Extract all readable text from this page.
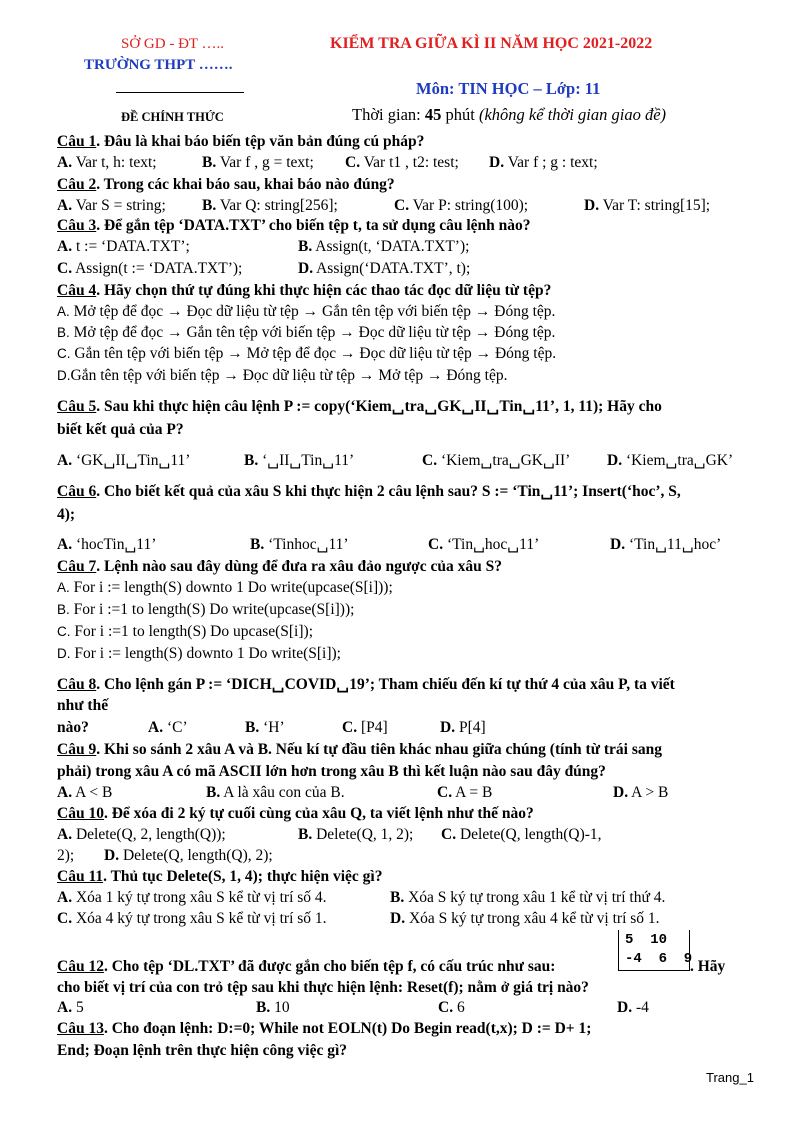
SỞ GD - ĐT …..
TRƯỜNG THPT …….
KIỂM TRA GIỮA KÌ II NĂM HỌC 2021-2022
Môn: TIN HỌC – Lớp: 11
ĐỀ CHÍNH THỨC	Thời gian: 45 phút (không kể thời gian giao đề)
Câu 1. Đâu là khai báo biến tệp văn bản đúng cú pháp?
A. Var t, h: text;	B. Var f , g = text; C. Var t1 , t2: test; D. Var f ; g : text;
Câu 2. Trong các khai báo sau, khai báo nào đúng?
A. Var S = string; B. Var Q: string[256];	C. Var P: string(100);	D. Var T: string[15];
Câu 3. Để gắn tệp ‘DATA.TXT’ cho biến tệp t, ta sử dụng câu lệnh nào?
A. t := ‘DATA.TXT’;	B. Assign(t, ‘DATA.TXT’);
C. Assign(t := ‘DATA.TXT’);	D. Assign(‘DATA.TXT’, t);
Câu 4. Hãy chọn thứ tự đúng khi thực hiện các thao tác đọc dữ liệu từ tệp?
A. Mở tệp để đọc → Đọc dữ liệu từ tệp → Gắn tên tệp với biến tệp → Đóng tệp.
B. Mở tệp để đọc → Gắn tên tệp với biến tệp → Đọc dữ liệu từ tệp → Đóng tệp.
C. Gắn tên tệp với biến tệp → Mở tệp để đọc → Đọc dữ liệu từ tệp → Đóng tệp.
D.Gắn tên tệp với biến tệp → Đọc dữ liệu từ tệp → Mở tệp → Đóng tệp.
Câu 5. Sau khi thực hiện câu lệnh P := copy(‘Kiem␣tra␣GK␣II␣Tin␣11’, 1, 11); Hãy cho
biết kết quả của P?
A. ‘GK␣II␣Tin␣11’	B. ‘␣II␣Tin␣11’	C. ‘Kiem␣tra␣GK␣II’ D. ‘Kiem␣tra␣GK’
Câu 6. Cho biết kết quả của xâu S khi thực hiện 2 câu lệnh sau? S := ‘Tin␣11’; Insert(‘hoc’, S,
4);
A. ‘hocTin␣11’	B. ‘Tinhoc␣11’	C. ‘Tin␣hoc␣11’	D. ‘Tin␣11␣hoc’
Câu 7. Lệnh nào sau đây dùng để đưa ra xâu đảo ngược của xâu S?
A. For i := length(S) downto 1 Do write(upcase(S[i]));
B. For i :=1 to length(S) Do write(upcase(S[i]));
C. For i :=1 to length(S) Do upcase(S[i]);
D. For i := length(S) downto 1 Do write(S[i]);
Câu 8. Cho lệnh gán P := ‘DICH␣COVID␣19’; Tham chiếu đến kí tự thứ 4 của xâu P, ta viết
như thế
nào?	A. ‘C’	B. ‘H’	C. [P4]	D. P[4]
Câu 9. Khi so sánh 2 xâu A và B. Nếu kí tự đầu tiên khác nhau giữa chúng (tính từ trái sang
phải) trong xâu A có mã ASCII lớn hơn trong xâu B thì kết luận nào sau đây đúng?
A. A < B	B. A là xâu con của B.	C. A = B	D. A > B
Câu 10. Để xóa đi 2 ký tự cuối cùng của xâu Q, ta viết lệnh như thế nào?
A. Delete(Q, 2, length(Q));	B. Delete(Q, 1, 2); C. Delete(Q, length(Q)-1,
2); D. Delete(Q, length(Q), 2);
Câu 11. Thủ tục Delete(S, 1, 4); thực hiện việc gì?
A. Xóa 1 ký tự trong xâu S kể từ vị trí số 4.	B. Xóa S ký tự trong xâu 1 kể từ vị trí thứ 4.
C. Xóa 4 ký tự trong xâu S kể từ vị trí số 1.	D. Xóa S ký tự trong xâu 4 kể từ vị trí số 1.
5  10
-4  6  9
Câu 12. Cho tệp ‘DL.TXT’ đã được gắn cho biến tệp f, có cấu trúc như sau:	. Hãy
cho biết vị trí của con trỏ tệp sau khi thực hiện lệnh: Reset(f); nằm ở giá trị nào?
A. 5	B. 10	C. 6	D. -4
Câu 13. Cho đoạn lệnh: D:=0; While not EOLN(t) Do Begin read(t,x); D := D+ 1;
End; Đoạn lệnh trên thực hiện công việc gì?
Trang_1
